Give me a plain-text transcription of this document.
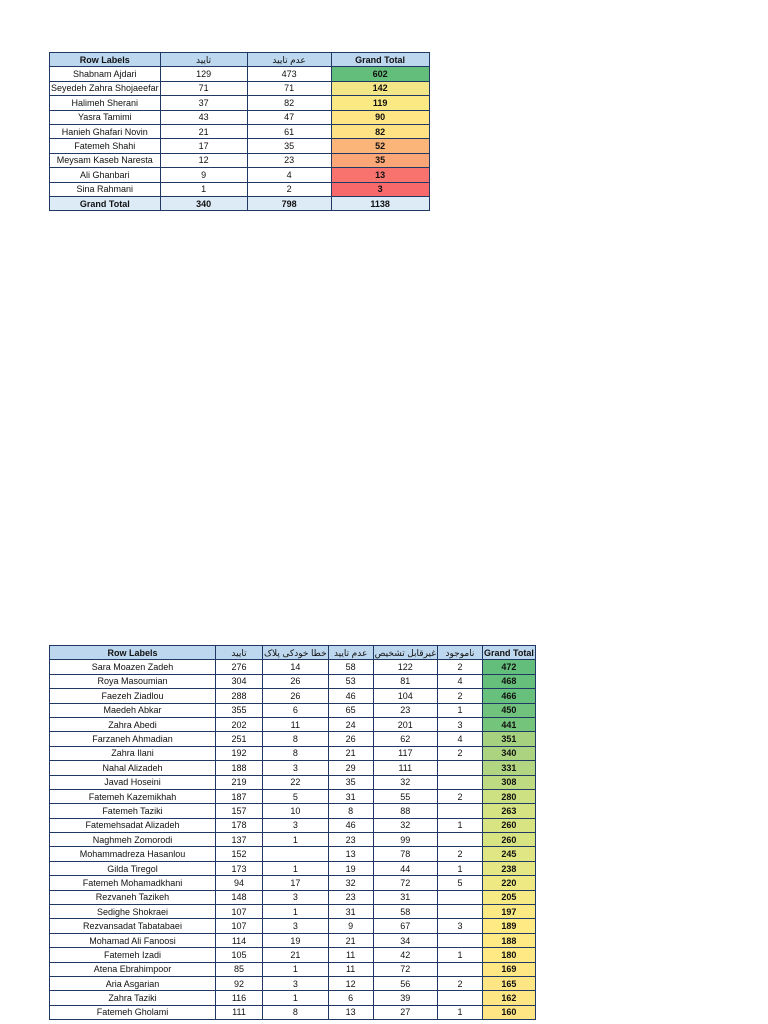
Row Labels	تایید	عدم تایید	Grand Total
Shabnam Ajdari	129	473	602
Seyedeh Zahra Shojaeefar	71	71	142
Halimeh Sherani	37	82	119
Yasra Tamimi	43	47	90
Hanieh Ghafari Novin	21	61	82
Fatemeh Shahi	17	35	52
Meysam Kaseb Naresta	12	23	35
Ali Ghanbari	9	4	13
Sina Rahmani	1	2	3
Grand Total	340	798	1138
Row Labels	تایید	خطا خودکی پلاک	عدم تایید	غیرقابل تشخیص	ناموجود	Grand Total
Sara Moazen Zadeh	276	14	58	122	2	472
Roya Masoumian	304	26	53	81	4	468
Faezeh Ziadlou	288	26	46	104	2	466
Maedeh Abkar	355	6	65	23	1	450
Zahra Abedi	202	11	24	201	3	441
Farzaneh Ahmadian	251	8	26	62	4	351
Zahra Ilani	192	8	21	117	2	340
Nahal Alizadeh	188	3	29	111		331
Javad Hoseini	219	22	35	32		308
Fatemeh Kazemikhah	187	5	31	55	2	280
Fatemeh Taziki	157	10	8	88		263
Fatemehsadat Alizadeh	178	3	46	32	1	260
Naghmeh Zomorodi	137	1	23	99		260
Mohammadreza Hasanlou	152		13	78	2	245
Gilda Tiregol	173	1	19	44	1	238
Fatemeh Mohamadkhani	94	17	32	72	5	220
Rezvaneh Tazikeh	148	3	23	31		205
Sedighe Shokraei	107	1	31	58		197
Rezvansadat Tabatabaei	107	3	9	67	3	189
Mohamad Ali Fanoosi	114	19	21	34		188
Fatemeh Izadi	105	21	11	42	1	180
Atena Ebrahimpoor	85	1	11	72		169
Aria Asgarian	92	3	12	56	2	165
Zahra Taziki	116	1	6	39		162
Fatemeh Gholami	111	8	13	27	1	160
